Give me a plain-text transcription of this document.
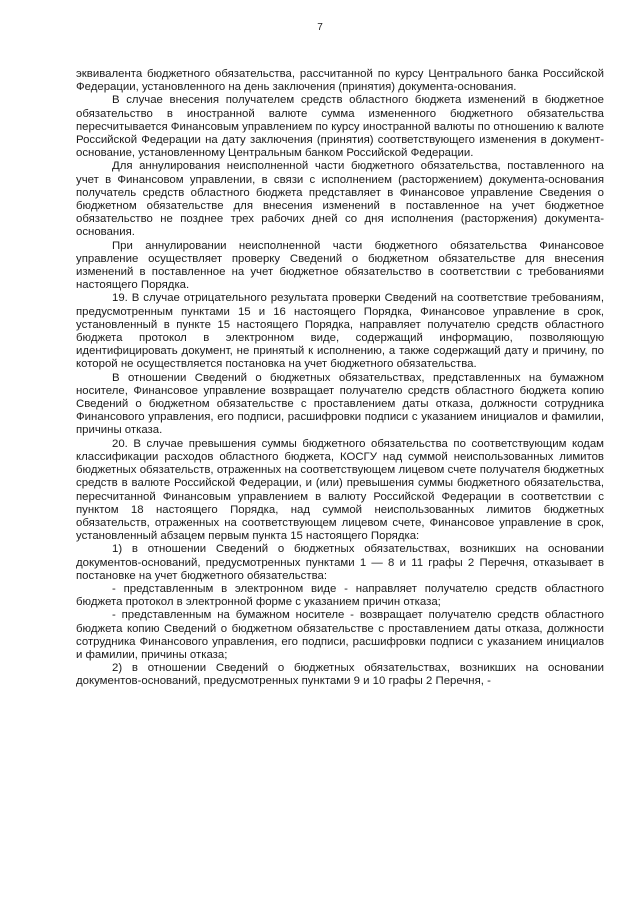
7

эквивалента бюджетного обязательства, рассчитанной по курсу Центрального банка Российской Федерации, установленного на день заключения (принятия) документа-основания.

В случае внесения получателем средств областного бюджета изменений в бюджетное обязательство в иностранной валюте сумма измененного бюджетного обязательства пересчитывается Финансовым управлением по курсу иностранной валюты по отношению к валюте Российской Федерации на дату заключения (принятия) соответствующего изменения в документ-основание, установленному Центральным банком Российской Федерации.

Для аннулирования неисполненной части бюджетного обязательства, поставленного на учет в Финансовом управлении, в связи с исполнением (расторжением) документа-основания получатель средств областного бюджета представляет в Финансовое управление Сведения о бюджетном обязательстве для внесения изменений в поставленное на учет бюджетное обязательство не позднее трех рабочих дней со дня исполнения (расторжения) документа-основания.

При аннулировании неисполненной части бюджетного обязательства Финансовое управление осуществляет проверку Сведений о бюджетном обязательстве для внесения изменений в поставленное на учет бюджетное обязательство в соответствии с требованиями настоящего Порядка.

19. В случае отрицательного результата проверки Сведений на соответствие требованиям, предусмотренным пунктами 15 и 16 настоящего Порядка, Финансовое управление в срок, установленный в пункте 15 настоящего Порядка, направляет получателю средств областного бюджета протокол в электронном виде, содержащий информацию, позволяющую идентифицировать документ, не принятый к исполнению, а также содержащий дату и причину, по которой не осуществляется постановка на учет бюджетного обязательства.

В отношении Сведений о бюджетных обязательствах, представленных на бумажном носителе, Финансовое управление возвращает получателю средств областного бюджета копию Сведений о бюджетном обязательстве с проставлением даты отказа, должности сотрудника Финансового управления, его подписи, расшифровки подписи с указанием инициалов и фамилии, причины отказа.

20. В случае превышения суммы бюджетного обязательства по соответствующим кодам классификации расходов областного бюджета, КОСГУ над суммой неиспользованных лимитов бюджетных обязательств, отраженных на соответствующем лицевом счете получателя бюджетных средств в валюте Российской Федерации, и (или) превышения суммы бюджетного обязательства, пересчитанной Финансовым управлением в валюту Российской Федерации в соответствии с пунктом 18 настоящего Порядка, над суммой неиспользованных лимитов бюджетных обязательств, отраженных на соответствующем лицевом счете, Финансовое управление в срок, установленный абзацем первым пункта 15 настоящего Порядка:

1) в отношении Сведений о бюджетных обязательствах, возникших на основании документов-оснований, предусмотренных пунктами 1 — 8 и 11 графы 2 Перечня, отказывает в постановке на учет бюджетного обязательства:

- представленным в электронном виде - направляет получателю средств областного бюджета протокол в электронной форме с указанием причин отказа;

- представленным на бумажном носителе - возвращает получателю средств областного бюджета копию Сведений о бюджетном обязательстве с проставлением даты отказа, должности сотрудника Финансового управления, его подписи, расшифровки подписи с указанием инициалов и фамилии, причины отказа;

2) в отношении Сведений о бюджетных обязательствах, возникших на основании документов-оснований, предусмотренных пунктами 9 и 10 графы 2 Перечня, -
